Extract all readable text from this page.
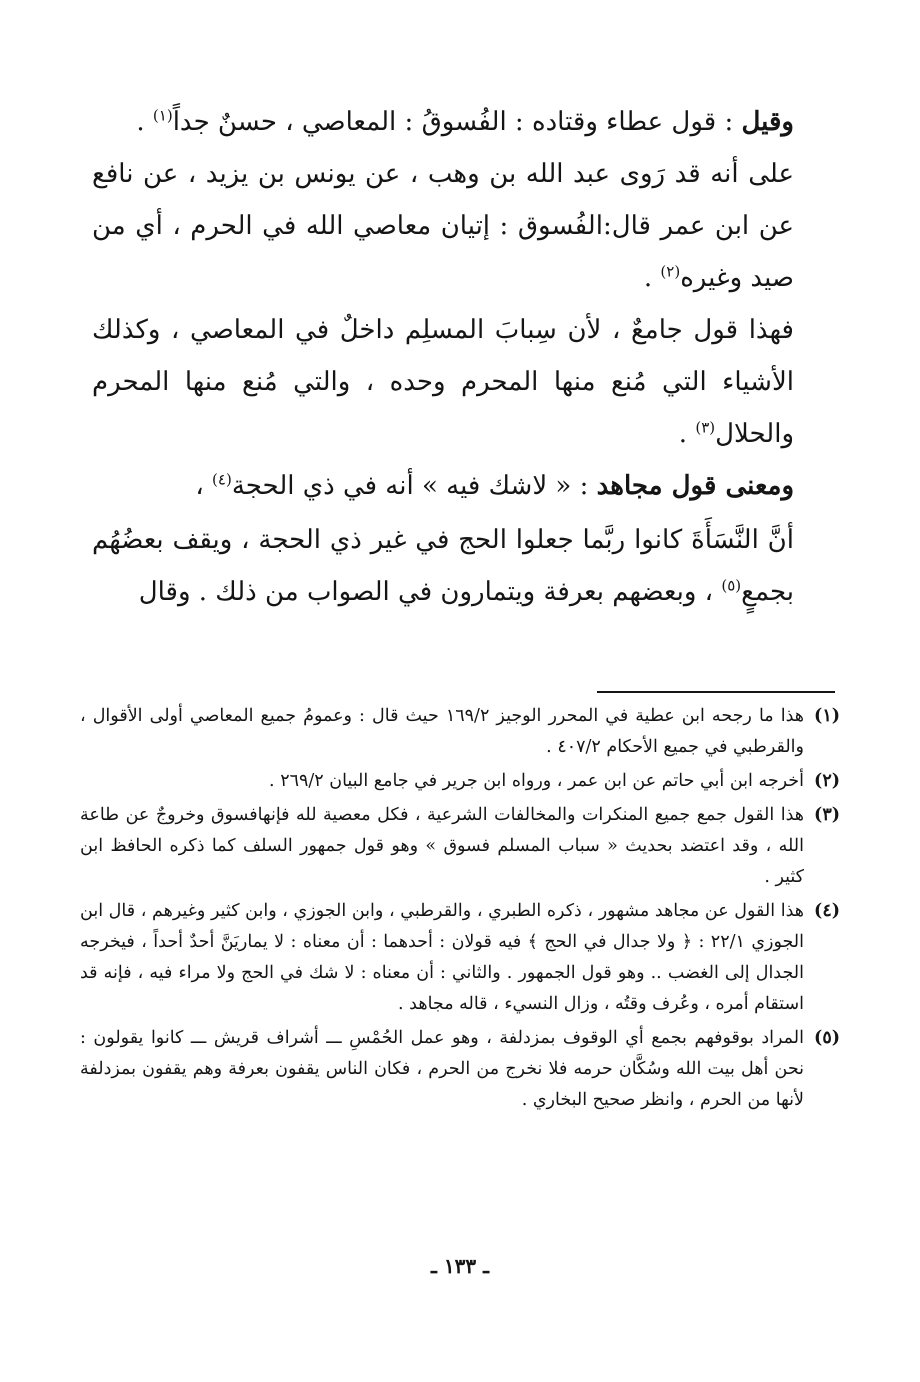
وقيل : قول عطاء وقتاده : الفُسوقُ : المعاصي ، حسنٌ جداً$^{(١)}$ .

على أنه قد رَوى عبد الله بن وهب ، عن يونس بن يزيد ، عن نافع عن ابن عمر قال:الفُسوق : إتيان معاصي الله في الحرم ، أي من صيد وغيره$^{(٢)}$ .

فهذا قول جامعٌ ، لأن سِبابَ المسلِم داخلٌ في المعاصي ، وكذلك الأشياء التي مُنع منها المحرم وحده ، والتي مُنع منها المحرم والحلال$^{(٣)}$ .

ومعنى قول مجاهد : « لاشك فيه » أنه في ذي الحجة$^{(٤)}$ ،

أنَّ النَّسَأَةَ كانوا ربَّما جعلوا الحج في غير ذي الحجة ، ويقف بعضُهُم بجمعٍ$^{(٥)}$ ، وبعضهم بعرفة ويتمارون في الصواب من ذلك . وقال

(١)
هذا ما رجحه ابن عطية في المحرر الوجيز ١٦٩/٢ حيث قال : وعمومُ جميع المعاصي أولى الأقوال ، والقرطبي في جميع الأحكام ٤٠٧/٢ .
(٢)
أخرجه ابن أبي حاتم عن ابن عمر ، ورواه ابن جرير في جامع البيان ٢٦٩/٢ .
(٣)
هذا القول جمع جميع المنكرات والمخالفات الشرعية ، فكل معصية لله فإنهافسوق وخروجٌ عن طاعة الله ، وقد اعتضد بحديث « سباب المسلم فسوق » وهو قول جمهور السلف كما ذكره الحافظ ابن كثير .
(٤)
هذا القول عن مجاهد مشهور ، ذكره الطبري ، والقرطبي ، وابن الجوزي ، وابن كثير وغيرهم ، قال ابن الجوزي ٢٢/١ : ﴿ ولا جدال في الحج ﴾ فيه قولان : أحدهما : أن معناه : لا يماريَنَّ أحدٌ أحداً ، فيخرجه الجدال إلى الغضب .. وهو قول الجمهور . والثاني : أن معناه : لا شك في الحج ولا مراء فيه ، فإنه قد استقام أمره ، وعُرف وقتُه ، وزال النسيء ، قاله مجاهد .
(٥)
المراد بوقوفهم بجمع أي الوقوف بمزدلفة ، وهو عمل الحُمْسِ ـــ أشراف قريش ـــ كانوا يقولون : نحن أهل بيت الله وسُكَّان حرمه فلا نخرج من الحرم ، فكان الناس يقفون بعرفة وهم يقفون بمزدلفة لأنها من الحرم ، وانظر صحيح البخاري .
ـ ١٣٣ ـ
